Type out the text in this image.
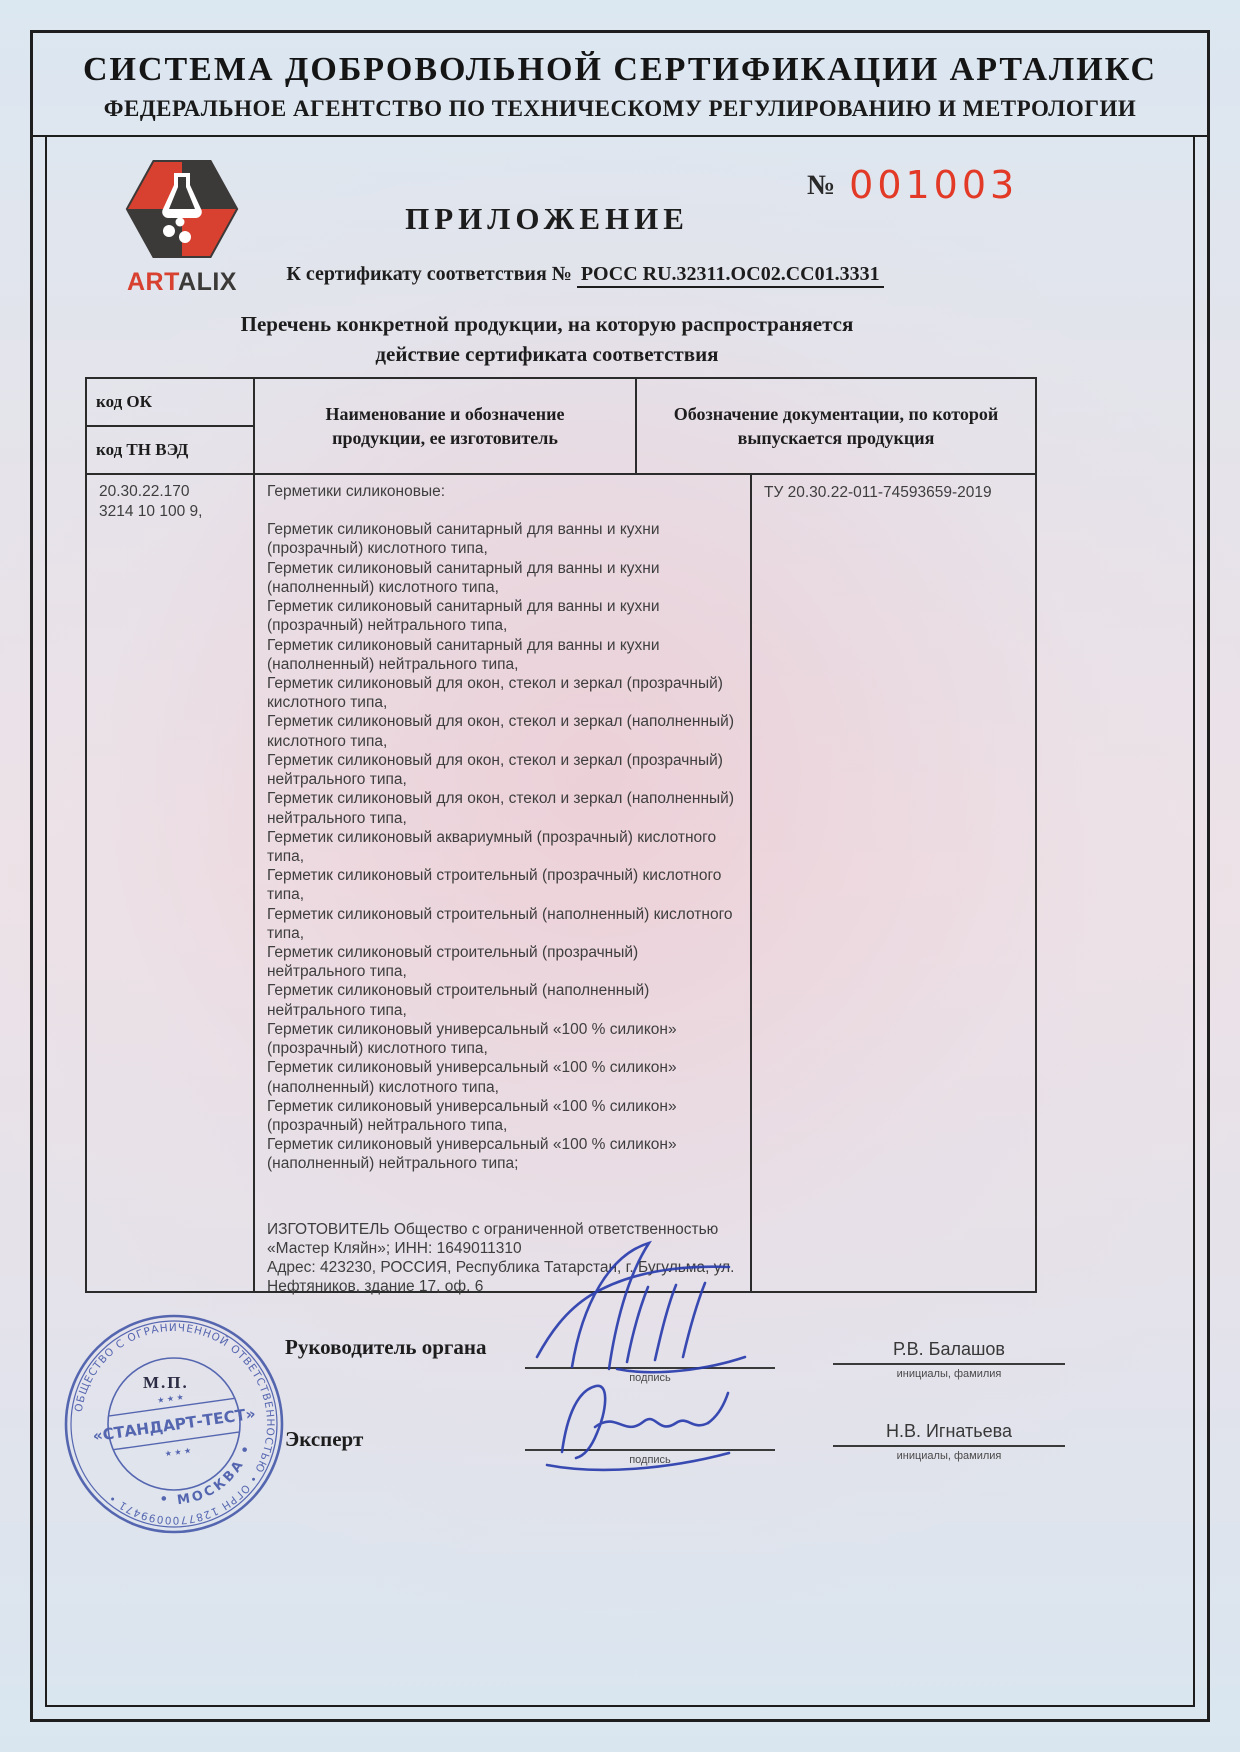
СИСТЕМА ДОБРОВОЛЬНОЙ СЕРТИФИКАЦИИ АРТАЛИКС
ФЕДЕРАЛЬНОЕ АГЕНТСТВО ПО ТЕХНИЧЕСКОМУ РЕГУЛИРОВАНИЮ И МЕТРОЛОГИИ
ARTALIX
№ 001003
ПРИЛОЖЕНИЕ
К сертификату соответствия № РОСС RU.32311.ОС02.СС01.3331
Перечень конкретной продукции, на которую распространяется
действие сертификата соответствия
код ОК
код ТН ВЭД
Наименование и обозначение продукции, ее изготовитель
Обозначение документации, по которой выпускается продукция
20.30.22.170
3214 10 100 9,
Герметики силиконовые:
Герметик силиконовый санитарный для ванны и кухни (прозрачный) кислотного типа,
Герметик силиконовый санитарный для ванны и кухни (наполненный) кислотного типа,
Герметик силиконовый санитарный для ванны и кухни (прозрачный) нейтрального типа,
Герметик силиконовый санитарный для ванны и кухни (наполненный) нейтрального типа,
Герметик силиконовый для окон, стекол и зеркал (прозрачный) кислотного типа,
Герметик силиконовый для окон, стекол и зеркал (наполненный) кислотного типа,
Герметик силиконовый для окон, стекол и зеркал (прозрачный) нейтрального типа,
Герметик силиконовый для окон, стекол и зеркал (наполненный) нейтрального типа,
Герметик силиконовый аквариумный (прозрачный) кислотного типа,
Герметик силиконовый строительный (прозрачный) кислотного типа,
Герметик силиконовый строительный (наполненный) кислотного типа,
Герметик силиконовый строительный (прозрачный) нейтрального типа,
Герметик силиконовый строительный (наполненный) нейтрального типа,
Герметик силиконовый универсальный «100 % силикон» (прозрачный) кислотного типа,
Герметик силиконовый универсальный «100 % силикон» (наполненный) кислотного типа,
Герметик силиконовый универсальный «100 % силикон» (прозрачный) нейтрального типа,
Герметик силиконовый универсальный «100 % силикон» (наполненный) нейтрального типа;
ИЗГОТОВИТЕЛЬ Общество с ограниченной ответственностью «Мастер Кляйн»; ИНН: 1649011310
Адрес: 423230, РОССИЯ, Республика Татарстан, г. Бугульма, ул. Нефтяников, здание 17, оф. 6
ТУ 20.30.22-011-74593659-2019
ОБЩЕСТВО С ОГРАНИЧЕННОЙ ОТВЕТСТВЕННОСТЬЮ • ОГРН 1287700099471 •	• МОСКВА •
«СТАНДАРТ-ТЕСТ»
★ ★ ★
★ ★ ★
М.П.
Руководитель органа
Эксперт
подпись
подпись
Р.В. Балашов
инициалы, фамилия
Н.В. Игнатьева
инициалы, фамилия
